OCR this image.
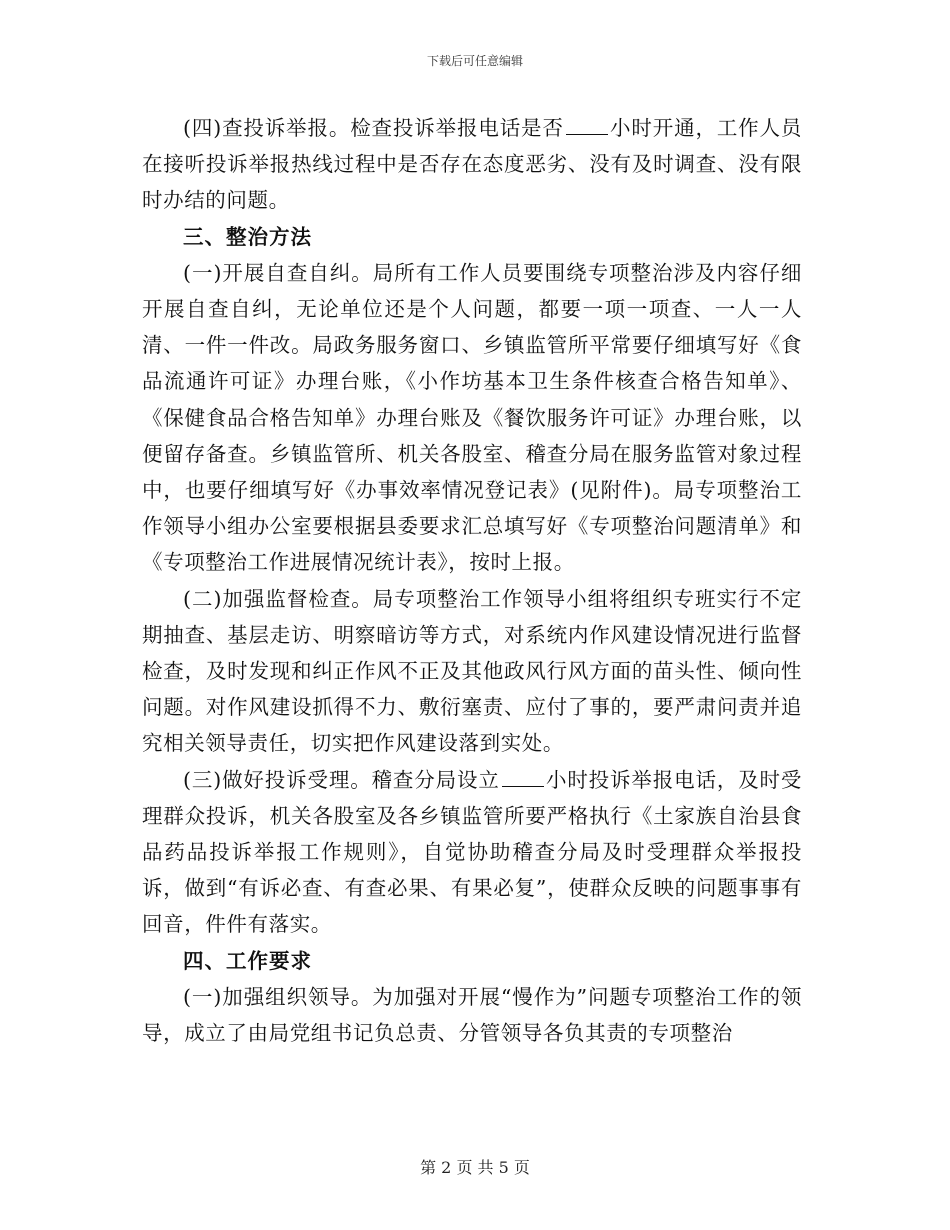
下载后可任意编辑

(四)查投诉举报。检查投诉举报电话是否 小时开通，工作人员在接听投诉举报热线过程中是否存在态度恶劣、没有及时调查、没有限时办结的问题。

三、整治方法

(一)开展自查自纠。局所有工作人员要围绕专项整治涉及内容仔细开展自查自纠，无论单位还是个人问题，都要一项一项查、一人一人清、一件一件改。局政务服务窗口、乡镇监管所平常要仔细填写好《食品流通许可证》办理台账，《小作坊基本卫生条件核查合格告知单》、《保健食品合格告知单》办理台账及《餐饮服务许可证》办理台账，以便留存备查。乡镇监管所、机关各股室、稽查分局在服务监管对象过程中，也要仔细填写好《办事效率情况登记表》(见附件)。局专项整治工作领导小组办公室要根据县委要求汇总填写好《专项整治问题清单》和《专项整治工作进展情况统计表》，按时上报。

(二)加强监督检查。局专项整治工作领导小组将组织专班实行不定期抽查、基层走访、明察暗访等方式，对系统内作风建设情况进行监督检查，及时发现和纠正作风不正及其他政风行风方面的苗头性、倾向性问题。对作风建设抓得不力、敷衍塞责、应付了事的，要严肃问责并追究相关领导责任，切实把作风建设落到实处。

(三)做好投诉受理。稽查分局设立 小时投诉举报电话，及时受理群众投诉，机关各股室及各乡镇监管所要严格执行《土家族自治县食品药品投诉举报工作规则》，自觉协助稽查分局及时受理群众举报投诉，做到“有诉必查、有查必果、有果必复”，使群众反映的问题事事有回音，件件有落实。

四、工作要求

(一)加强组织领导。为加强对开展“慢作为”问题专项整治工作的领导，成立了由局党组书记负总责、分管领导各负其责的专项整治

第 2 页 共 5 页
